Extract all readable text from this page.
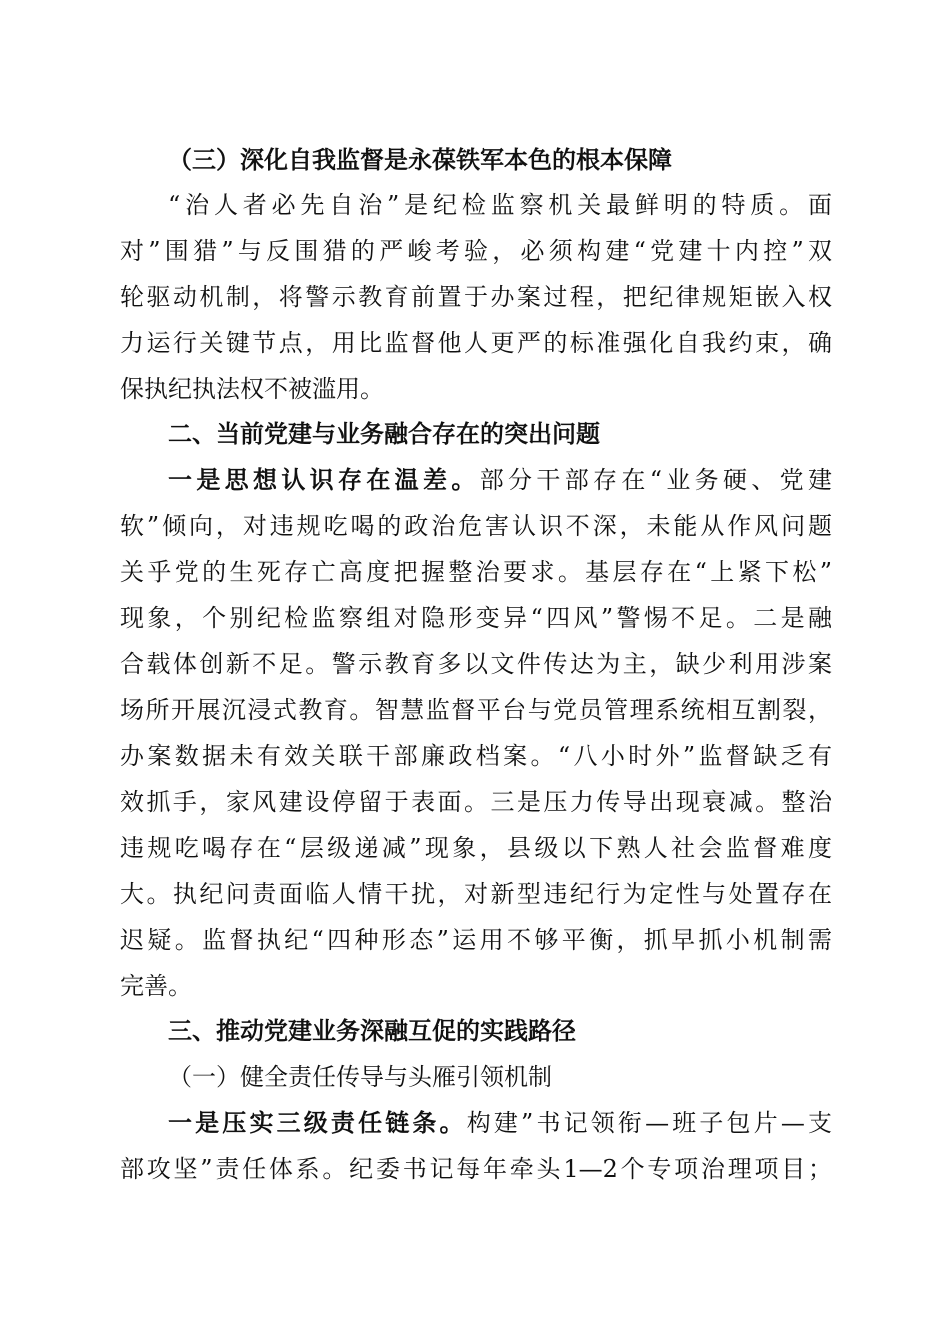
（三）深化自我监督是永葆铁军本色的根本保障
“治人者必先自治”是纪检监察机关最鲜明的特质。面
对”围猎”与反围猎的严峻考验，必须构建“党建十内控”双
轮驱动机制，将警示教育前置于办案过程，把纪律规矩嵌入权
力运行关键节点，用比监督他人更严的标准强化自我约束，确
保执纪执法权不被滥用。
二、当前党建与业务融合存在的突出问题
一是思想认识存在温差。部分干部存在“业务硬、党建
软”倾向，对违规吃喝的政治危害认识不深，未能从作风问题
关乎党的生死存亡高度把握整治要求。基层存在“上紧下松”
现象，个别纪检监察组对隐形变异“四风”警惕不足。二是融
合载体创新不足。警示教育多以文件传达为主，缺少利用涉案
场所开展沉浸式教育。智慧监督平台与党员管理系统相互割裂，
办案数据未有效关联干部廉政档案。“八小时外”监督缺乏有
效抓手，家风建设停留于表面。三是压力传导出现衰减。整治
违规吃喝存在“层级递减”现象，县级以下熟人社会监督难度
大。执纪问责面临人情干扰，对新型违纪行为定性与处置存在
迟疑。监督执纪“四种形态”运用不够平衡，抓早抓小机制需
完善。
三、推动党建业务深融互促的实践路径
（一）健全责任传导与头雁引领机制
一是压实三级责任链条。构建”书记领衔—班子包片—支
部攻坚”责任体系。纪委书记每年牵头1—2个专项治理项目；
